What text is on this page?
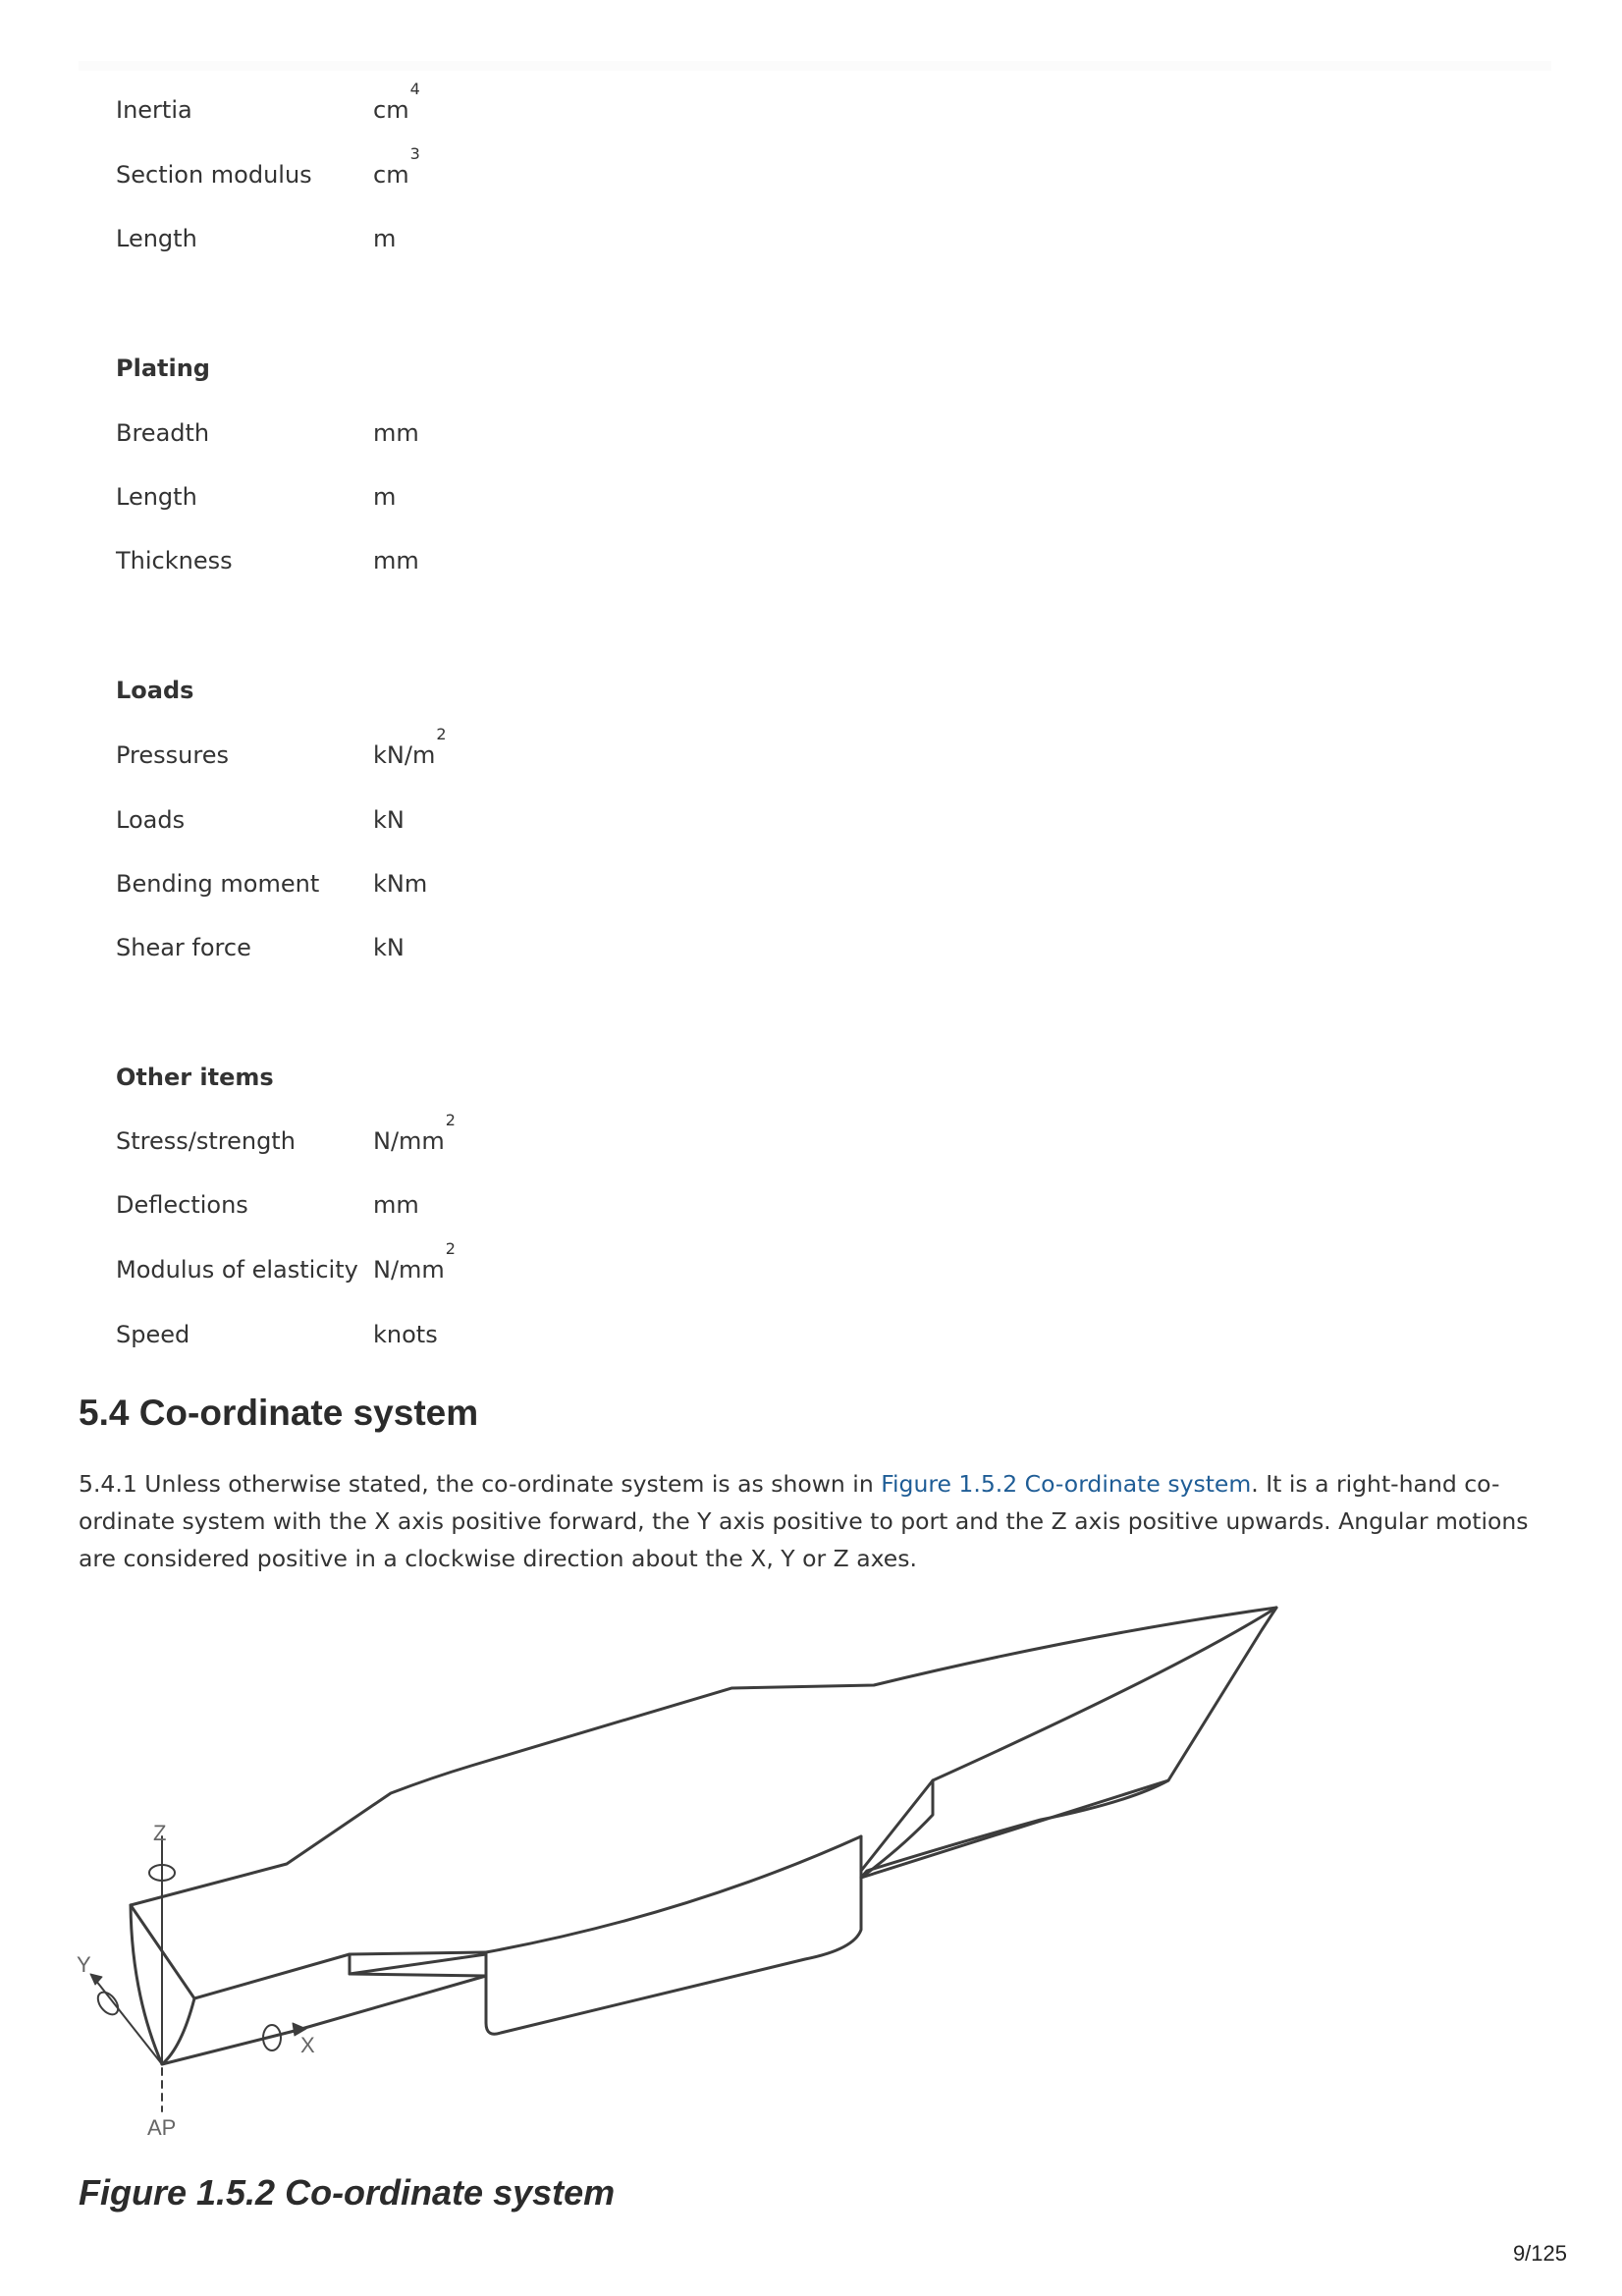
Inertia	$cm^4$
Section modulus	$cm^3$
Length	m
Plating
Breadth	mm
Length	m
Thickness	mm
Loads
Pressures	$kN/m^2$
Loads	kN
Bending moment kNm
Shear force	kN
Other items
Stress/strength	$N/mm^2$
Deflections	mm
Modulus of elasticity $N/mm^2$
Speed	knots
5.4 Co-ordinate system

5.4.1 Unless otherwise stated, the co-ordinate system is as shown in Figure 1.5.2 Co-ordinate system. It is a right-hand co-ordinate system with the X axis positive forward, the Y axis positive to port and the Z axis positive upwards. Angular motions are considered positive in a clockwise direction about the X, Y or Z axes.

Z
Y
X
AP
Figure 1.5.2 Co-ordinate system
9/125
